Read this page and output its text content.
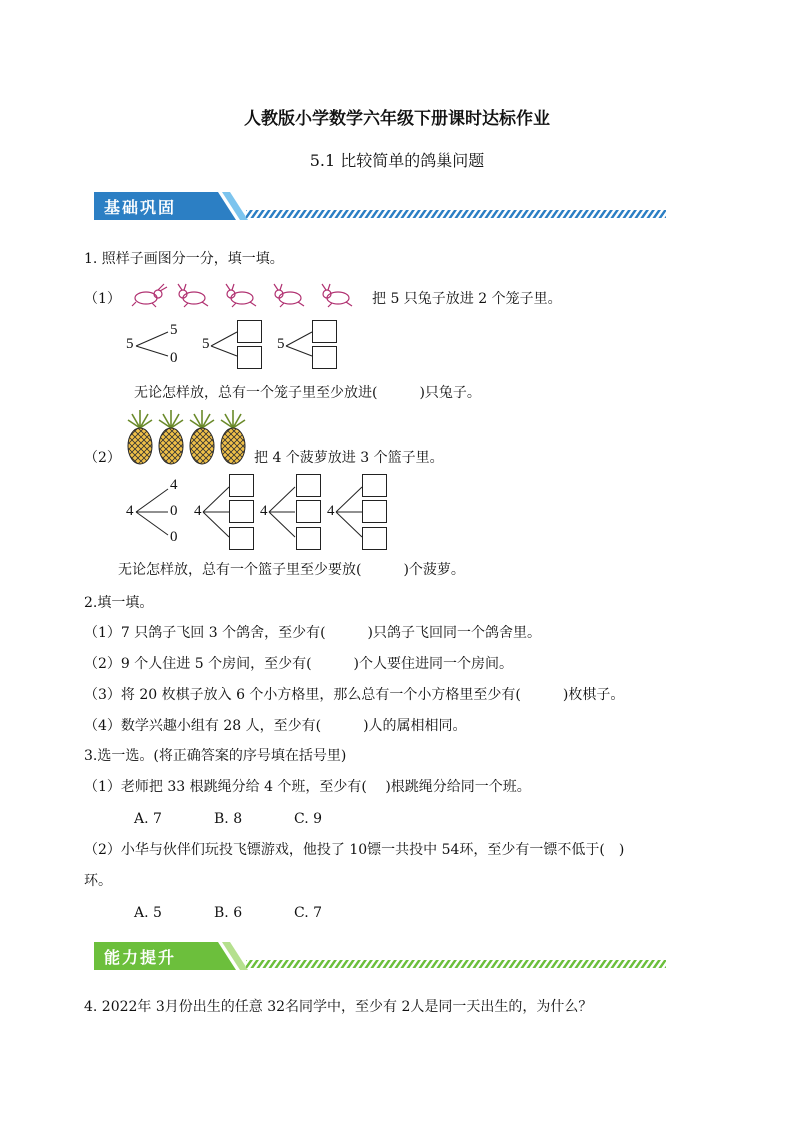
人教版小学数学六年级下册课时达标作业
5.1 比较简单的鸽巢问题
基础巩固
1. 照样子画图分一分，填一填。
（1）	把 5 只兔子放进 2 个笼子里。
5
5
0
5	5
无论怎样放，总有一个笼子里至少放进(　　　)只兔子。
（2）	把 4 个菠萝放进 3 个篮子里。
4
4
0
0
4	4	4
无论怎样放，总有一个篮子里至少要放(　　　)个菠萝。
2.填一填。
（1）7 只鸽子飞回 3 个鸽舍，至少有(　　　)只鸽子飞回同一个鸽舍里。
（2）9 个人住进 5 个房间，至少有(　　　)个人要住进同一个房间。
（3）将 20 枚棋子放入 6 个小方格里，那么总有一个小方格里至少有(　　　)枚棋子。
（4）数学兴趣小组有 28 人，至少有(　　　)人的属相相同。
3.选一选。(将正确答案的序号填在括号里)
（1）老师把 33 根跳绳分给 4 个班，至少有(　 )根跳绳分给同一个班。
A. 7	B. 8	C. 9
（2）小华与伙伴们玩投飞镖游戏，他投了 10镖一共投中 54环，至少有一镖不低于(　)
环。
A. 5	B. 6	C. 7
能力提升
4. 2022年 3月份出生的任意 32名同学中，至少有 2人是同一天出生的，为什么？
